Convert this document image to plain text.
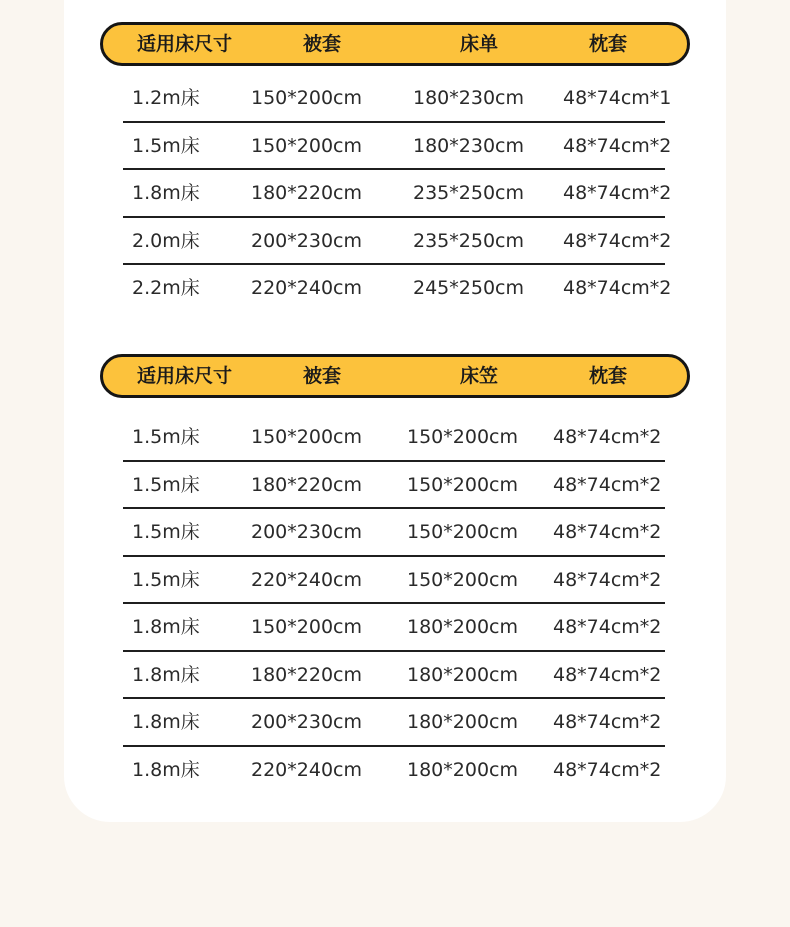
适用床尺寸	被套	床单	枕套
1.2m床	150*200cm	180*230cm 48*74cm*1
1.5m床	150*200cm	180*230cm 48*74cm*2
1.8m床	180*220cm	235*250cm 48*74cm*2
2.0m床	200*230cm	235*250cm 48*74cm*2
2.2m床	220*240cm	245*250cm 48*74cm*2
适用床尺寸	被套	床笠	枕套
1.5m床	150*200cm 150*200cm 48*74cm*2
1.5m床	180*220cm 150*200cm 48*74cm*2
1.5m床	200*230cm 150*200cm 48*74cm*2
1.5m床	220*240cm 150*200cm 48*74cm*2
1.8m床	150*200cm 180*200cm 48*74cm*2
1.8m床	180*220cm 180*200cm 48*74cm*2
1.8m床	200*230cm 180*200cm 48*74cm*2
1.8m床	220*240cm 180*200cm 48*74cm*2
